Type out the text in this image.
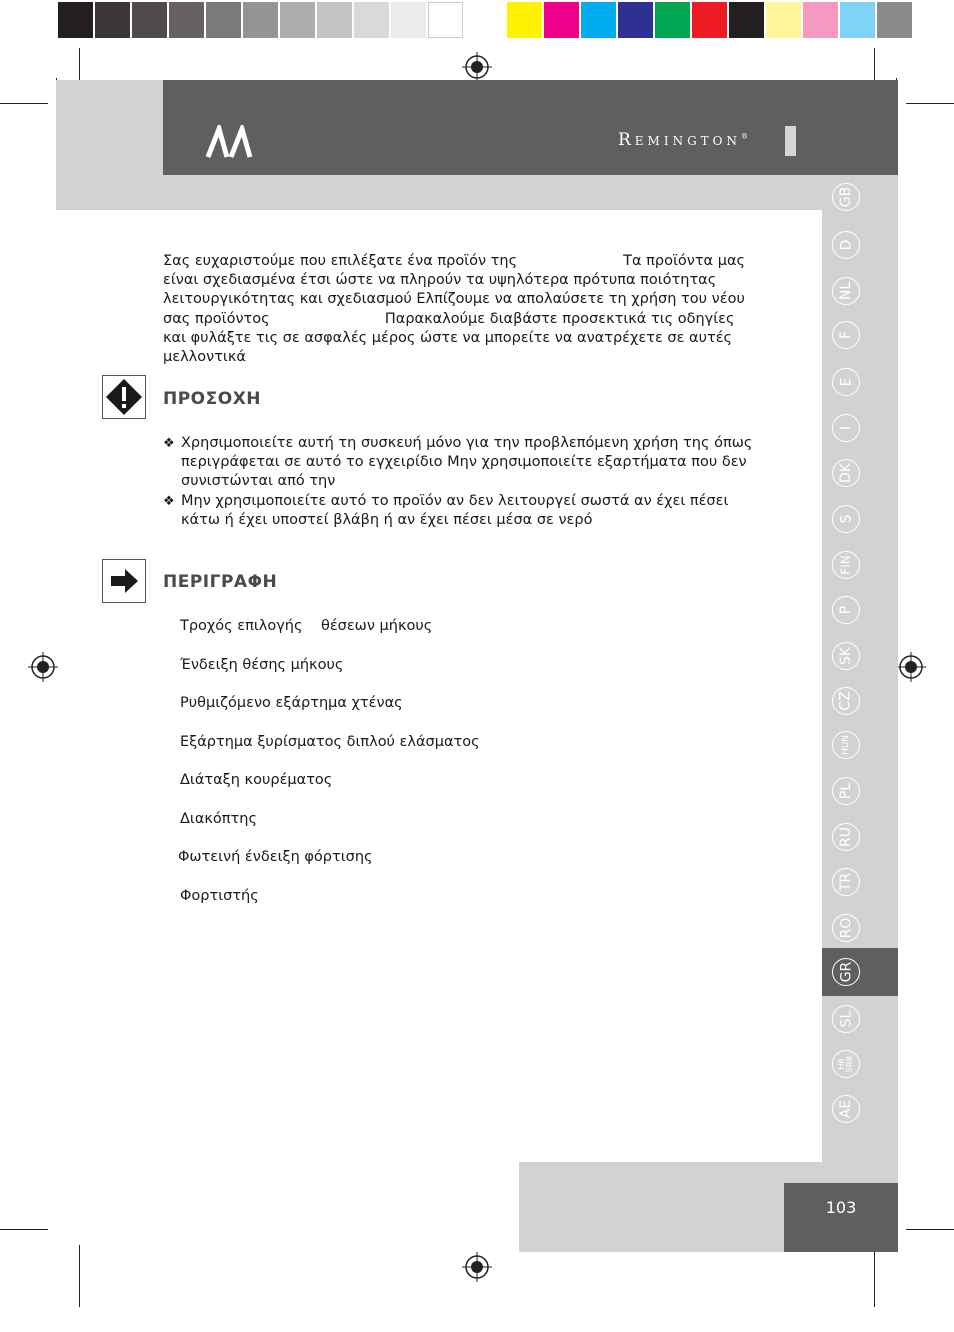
Remington®
GB
D
NL
F
E
I
DK
S
FIN
P
SK
CZ
HUN
PL
RU
TR
RO
GR
SL
HR
SRB
AE
103
Σας ευχαριστούμε που επιλέξατε ένα προϊόν της                       Τα προϊόντα μας
είναι σχεδιασμένα έτσι ώστε να πληρούν τα υψηλότερα πρότυπα ποιότητας
λειτουργικότητας και σχεδιασμού Ελπίζουμε να απολαύσετε τη χρήση του νέου
σας προϊόντος                         Παρακαλούμε διαβάστε προσεκτικά τις οδηγίες
και φυλάξτε τις σε ασφαλές μέρος ώστε να μπορείτε να ανατρέχετε σε αυτές
μελλοντικά
ΠΡΟΣΟΧΗ
❖ Χρησιμοποιείτε αυτή τη συσκευή μόνο για την προβλεπόμενη χρήση της όπως
περιγράφεται σε αυτό το εγχειρίδιο Μην χρησιμοποιείτε εξαρτήματα που δεν
συνιστώνται από την
❖ Μην χρησιμοποιείτε αυτό το προϊόν αν δεν λειτουργεί σωστά αν έχει πέσει
κάτω ή έχει υποστεί βλάβη ή αν έχει πέσει μέσα σε νερό
ΠΕΡΙΓΡΑΦΗ
Τροχός επιλογής    θέσεων μήκους
Ένδειξη θέσης μήκους
Ρυθμιζόμενο εξάρτημα χτένας
Εξάρτημα ξυρίσματος διπλού ελάσματος
Διάταξη κουρέματος
Διακόπτης
Φωτεινή ένδειξη φόρτισης
Φορτιστής
